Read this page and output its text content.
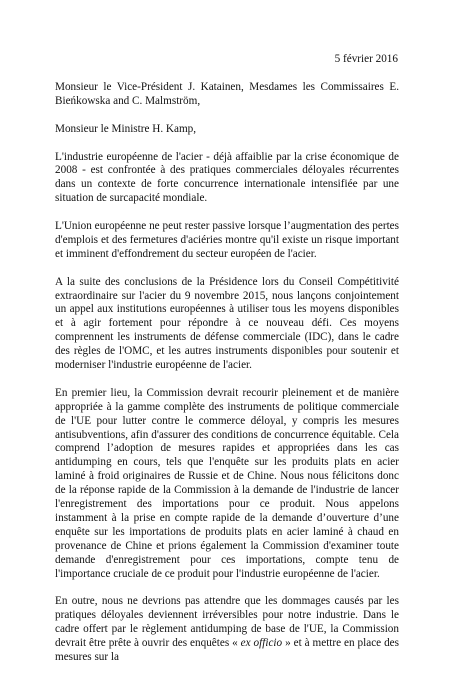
5 février 2016

Monsieur le Vice-Président J. Katainen, Mesdames les Commissaires E. Bieńkowska and C. Malmström,

Monsieur le Ministre H. Kamp,

L'industrie européenne de l'acier - déjà affaiblie par la crise économique de 2008 - est confrontée à des pratiques commerciales déloyales récurrentes dans un contexte de forte concurrence internationale intensifiée par une situation de surcapacité mondiale.

L'Union européenne ne peut rester passive lorsque l’augmentation des pertes d'emplois et des fermetures d'aciéries montre qu'il existe un risque important et imminent d'effondrement du secteur européen de l'acier.

A la suite des conclusions de la Présidence lors du Conseil Compétitivité extraordinaire sur l'acier du 9 novembre 2015, nous lançons conjointement un appel aux institutions européennes à utiliser tous les moyens disponibles et à agir fortement pour répondre à ce nouveau défi. Ces moyens comprennent les instruments de défense commerciale (IDC), dans le cadre des règles de l'OMC, et les autres instruments disponibles pour soutenir et moderniser l'industrie européenne de l'acier.

En premier lieu, la Commission devrait recourir pleinement et de manière appropriée à la gamme complète des instruments de politique commerciale de l'UE pour lutter contre le commerce déloyal, y compris les mesures antisubventions, afin d'assurer des conditions de concurrence équitable. Cela comprend l’adoption de mesures rapides et appropriées dans les cas antidumping en cours, tels que l'enquête sur les produits plats en acier laminé à froid originaires de Russie et de Chine. Nous nous félicitons donc de la réponse rapide de la Commission à la demande de l'industrie de lancer l'enregistrement des importations pour ce produit. Nous appelons instamment à la prise en compte rapide de la demande d’ouverture d’une enquête sur les importations de produits plats en acier laminé à chaud en provenance de Chine et prions également la Commission d'examiner toute demande d'enregistrement pour ces importations, compte tenu de l'importance cruciale de ce produit pour l'industrie européenne de l'acier.

En outre, nous ne devrions pas attendre que les dommages causés par les pratiques déloyales deviennent irréversibles pour notre industrie. Dans le cadre offert par le règlement antidumping de base de l'UE, la Commission devrait être prête à ouvrir des enquêtes « ex officio » et à mettre en place des mesures sur la
